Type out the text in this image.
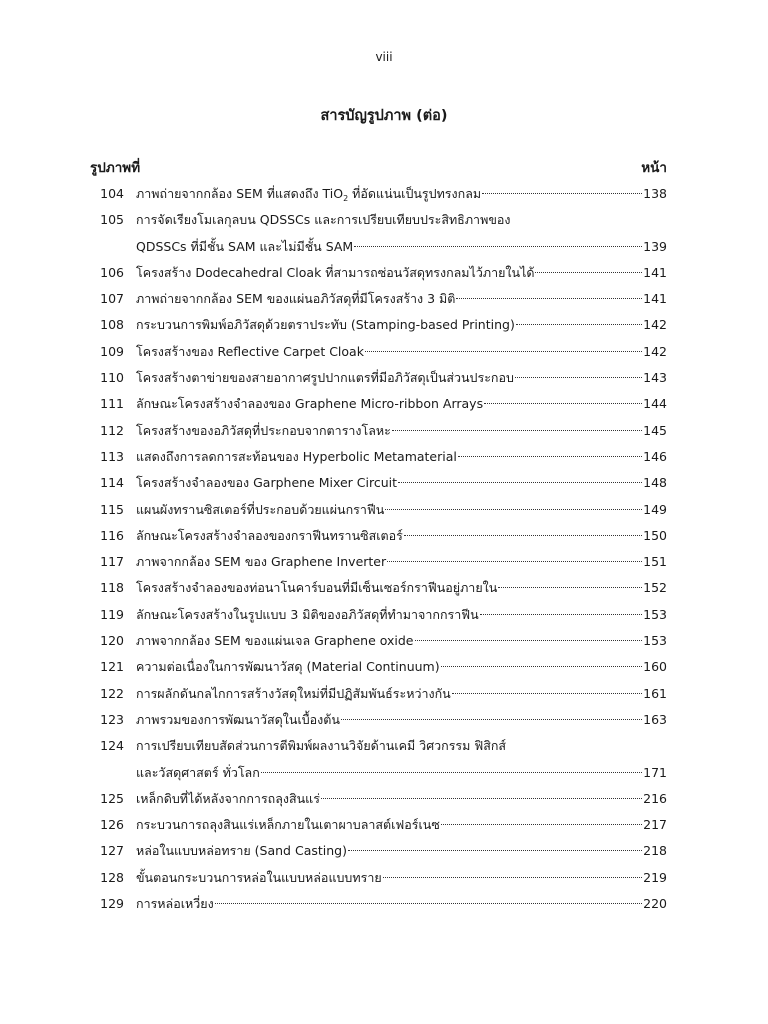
viii
สารบัญรูปภาพ (ต่อ)
รูปภาพที่	หน้า
104 ภาพถ่ายจากกล้อง SEM ที่แสดงถึง TiO$_2$ ที่อัดแน่นเป็นรูปทรงกลม	138
105 การจัดเรียงโมเลกุลบน QDSSCs และการเปรียบเทียบประสิทธิภาพของ
QDSSCs ที่มีชั้น SAM และไม่มีชั้น SAM	139
106 โครงสร้าง Dodecahedral Cloak ที่สามารถซ่อนวัสดุทรงกลมไว้ภายในได้	141
107 ภาพถ่ายจากกล้อง SEM ของแผ่นอภิวัสดุที่มีโครงสร้าง 3 มิติ	141
108 กระบวนการพิมพ์อภิวัสดุด้วยตราประทับ (Stamping-based Printing)	142
109 โครงสร้างของ Reflective Carpet Cloak	142
110 โครงสร้างตาข่ายของสายอากาศรูปปากแตรที่มีอภิวัสดุเป็นส่วนประกอบ	143
111 ลักษณะโครงสร้างจำลองของ Graphene Micro-ribbon Arrays	144
112 โครงสร้างของอภิวัสดุที่ประกอบจากตารางโลหะ	145
113 แสดงถึงการลดการสะท้อนของ Hyperbolic Metamaterial	146
114 โครงสร้างจำลองของ Garphene Mixer Circuit	148
115 แผนผังทรานซิสเตอร์ที่ประกอบด้วยแผ่นกราฟีน	149
116 ลักษณะโครงสร้างจำลองของกราฟีนทรานซิสเตอร์	150
117 ภาพจากกล้อง SEM ของ Graphene Inverter	151
118 โครงสร้างจำลองของท่อนาโนคาร์บอนที่มีเซ็นเซอร์กราฟีนอยู่ภายใน	152
119 ลักษณะโครงสร้างในรูปแบบ 3 มิติของอภิวัสดุที่ทำมาจากกราฟีน	153
120 ภาพจากกล้อง SEM ของแผ่นเจล Graphene oxide	153
121 ความต่อเนื่องในการพัฒนาวัสดุ (Material Continuum)	160
122 การผลักดันกลไกการสร้างวัสดุใหม่ที่มีปฏิสัมพันธ์ระหว่างกัน	161
123 ภาพรวมของการพัฒนาวัสดุในเบื้องต้น	163
124 การเปรียบเทียบสัดส่วนการตีพิมพ์ผลงานวิจัยด้านเคมี วิศวกรรม ฟิสิกส์
และวัสดุศาสตร์ ทั่วโลก	171
125 เหล็กดิบที่ได้หลังจากการถลุงสินแร่	216
126 กระบวนการถลุงสินแร่เหล็กภายในเตาผาบลาสต์เฟอร์เนซ	217
127 หล่อในแบบหล่อทราย (Sand Casting)	218
128 ขั้นตอนกระบวนการหล่อในแบบหล่อแบบทราย	219
129 การหล่อเหวี่ยง	220
